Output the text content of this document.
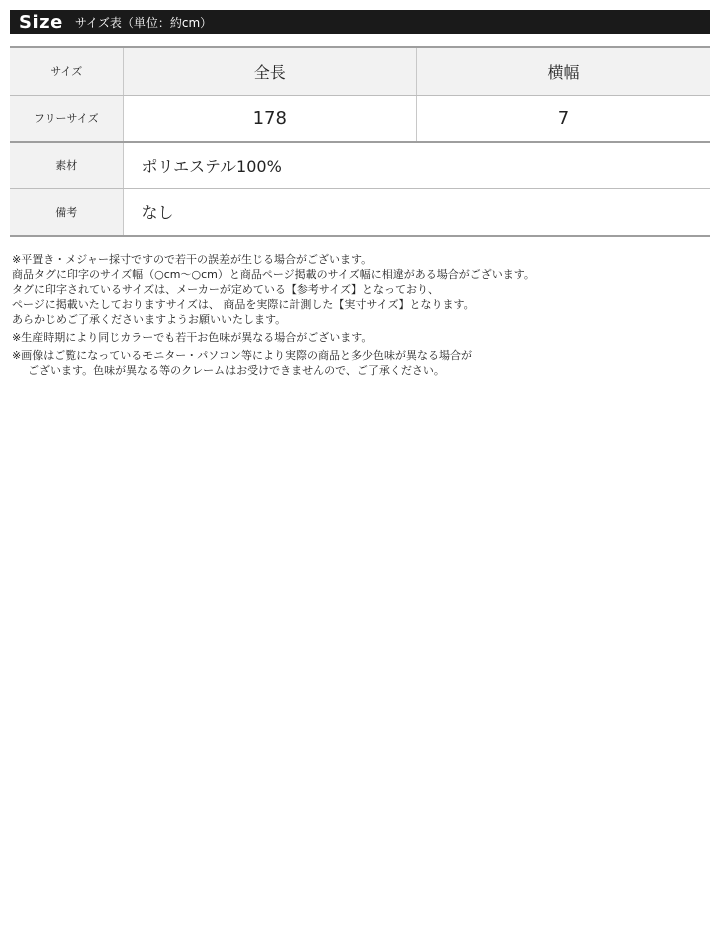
Size サイズ表（単位：約cm）
サイズ	全長	横幅
フリーサイズ	178	7
素材	ポリエステル100%	
備考	なし	
※平置き・メジャー採寸ですので若干の誤差が生じる場合がございます。
商品タグに印字のサイズ幅（○cm〜○cm）と商品ページ掲載のサイズ幅に相違がある場合がございます。
タグに印字されているサイズは、メーカーが定めている【参考サイズ】となっており、
ページに掲載いたしておりますサイズは、 商品を実際に計測した【実寸サイズ】となります。
あらかじめご了承くださいますようお願いいたします。
※生産時期により同じカラーでも若干お色味が異なる場合がございます。
※画像はご覧になっているモニター・パソコン等により実際の商品と多少色味が異なる場合が
ございます。色味が異なる等のクレームはお受けできませんので、ご了承ください。
